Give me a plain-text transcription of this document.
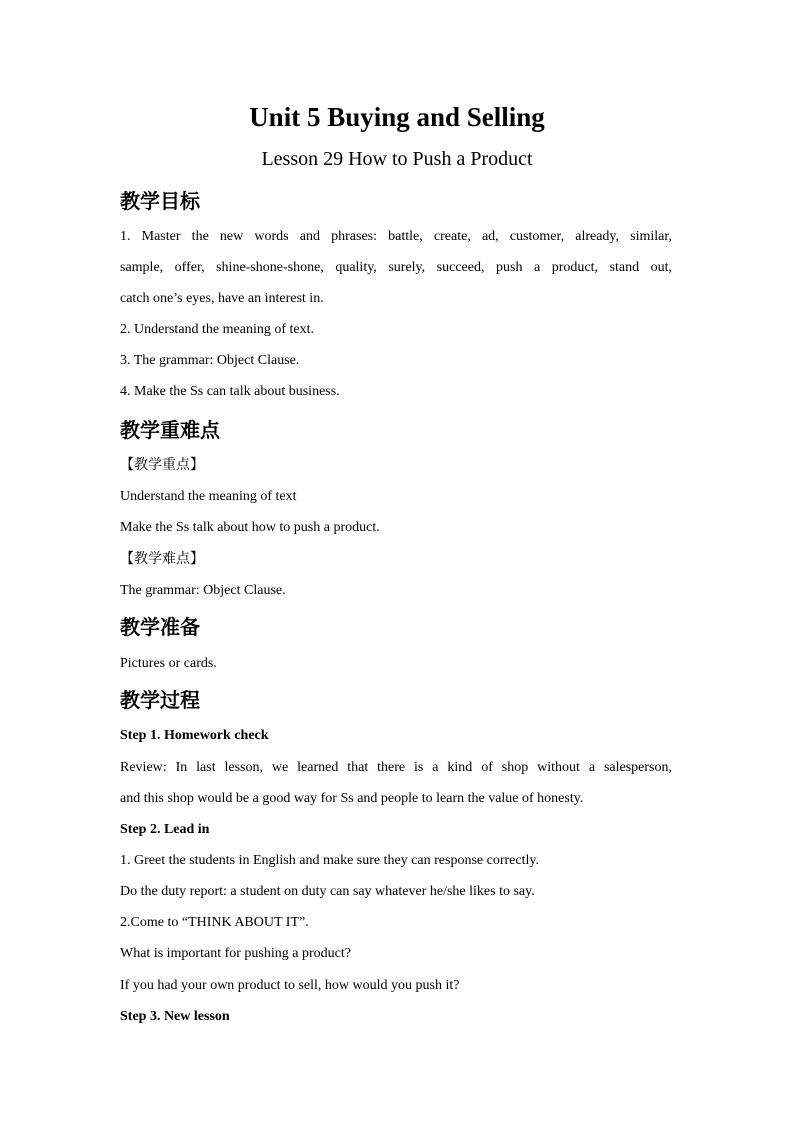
Unit 5 Buying and Selling
Lesson 29 How to Push a Product
教学目标
1. Master the new words and phrases: battle, create, ad, customer, already, similar,
sample, offer, shine-shone-shone, quality, surely, succeed, push a product, stand out,
catch one’s eyes, have an interest in.
2. Understand the meaning of text.
3. The grammar: Object Clause.
4. Make the Ss can talk about business.
教学重难点
【教学重点】
Understand the meaning of text
Make the Ss talk about how to push a product.
【教学难点】
The grammar: Object Clause.
教学准备
Pictures or cards.
教学过程
Step 1. Homework check
Review: In last lesson, we learned that there is a kind of shop without a salesperson,
and this shop would be a good way for Ss and people to learn the value of honesty.
Step 2. Lead in
1. Greet the students in English and make sure they can response correctly.
Do the duty report: a student on duty can say whatever he/she likes to say.
2.Come to “THINK ABOUT IT”.
What is important for pushing a product?
If you had your own product to sell, how would you push it?
Step 3. New lesson
